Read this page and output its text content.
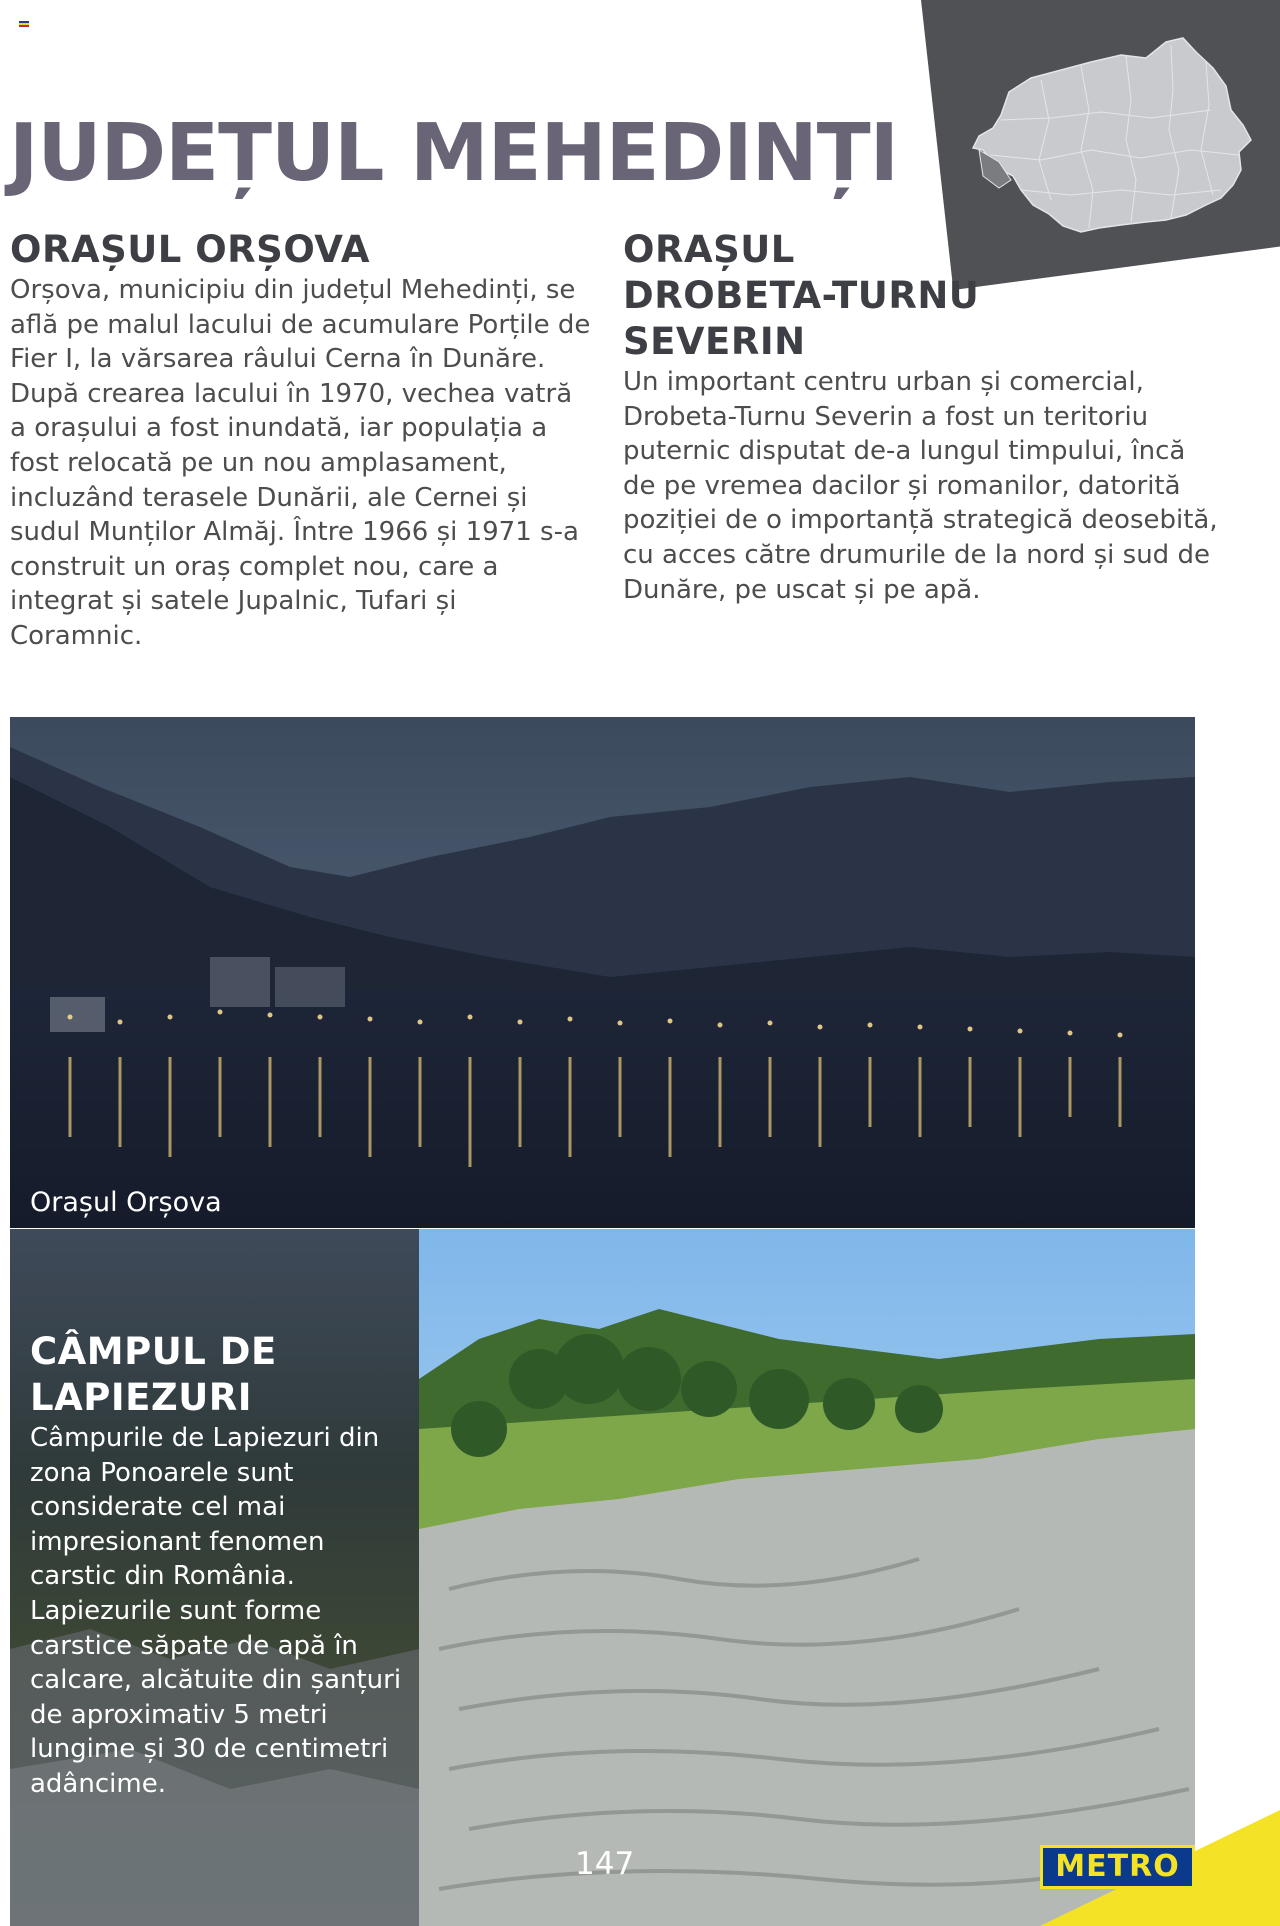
JUDEȚUL MEHEDINȚI
ORAȘUL ORȘOVA

Orșova, municipiu din județul Mehedinți, se află pe malul lacului de acumulare Porțile de Fier I, la vărsarea râului Cerna în Dunăre. După crearea lacului în 1970, vechea vatră a orașului a fost inundată, iar populația a fost relocată pe un nou amplasament, incluzând terasele Dunării, ale Cernei și sudul Munților Almăj. Între 1966 și 1971 s-a construit un oraș complet nou, care a integrat și satele Jupalnic, Tufari și Coramnic.

ORAȘUL DROBETA-TURNU SEVERIN

Un important centru urban și comercial, Drobeta-Turnu Severin a fost un teritoriu puternic disputat de-a lungul timpului, încă de pe vremea dacilor și romanilor, datorită poziției de o importanță strategică deosebită, cu acces către drumurile de la nord și sud de Dunăre, pe uscat și pe apă.

Orașul Orșova
CÂMPUL DE LAPIEZURI

Câmpurile de Lapiezuri din zona Ponoarele sunt considerate cel mai impresionant fenomen carstic din România. Lapiezurile sunt forme carstice săpate de apă în calcare, alcătuite din șanțuri de aproximativ 5 metri lungime și 30 de centimetri adâncime.

147	METRO
